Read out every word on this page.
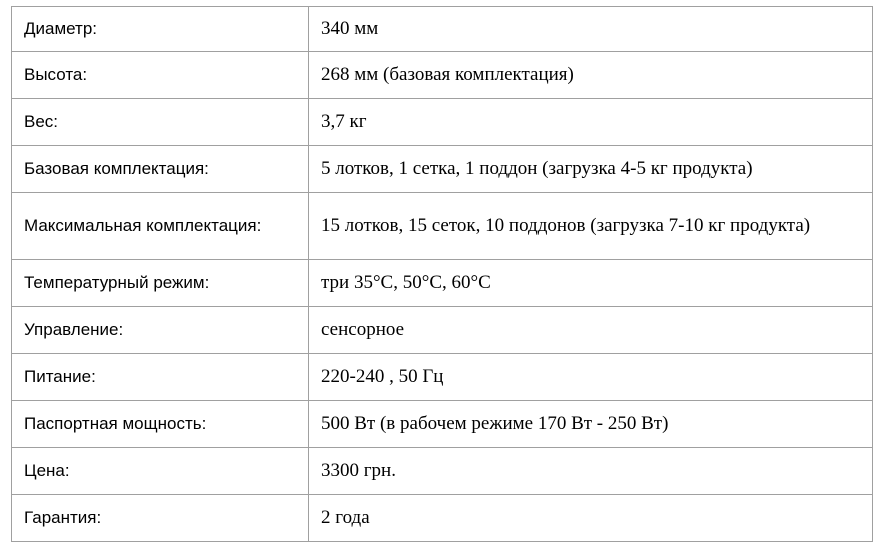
Диаметр:	340 мм
Высота:	268 мм (базовая комплектация)
Вес:	3,7 кг
Базовая комплектация:	5 лотков, 1 сетка, 1 поддон (загрузка 4-5 кг продукта)
Максимальная комплектация:	15 лотков, 15 сеток, 10 поддонов (загрузка 7-10 кг продукта)
Температурный режим:	три 35°С, 50°С, 60°С
Управление:	сенсорное
Питание:	220-240 , 50 Гц
Паспортная мощность:	500 Вт (в рабочем режиме 170 Вт - 250 Вт)
Цена:	3300 грн.
Гарантия:	2 года
